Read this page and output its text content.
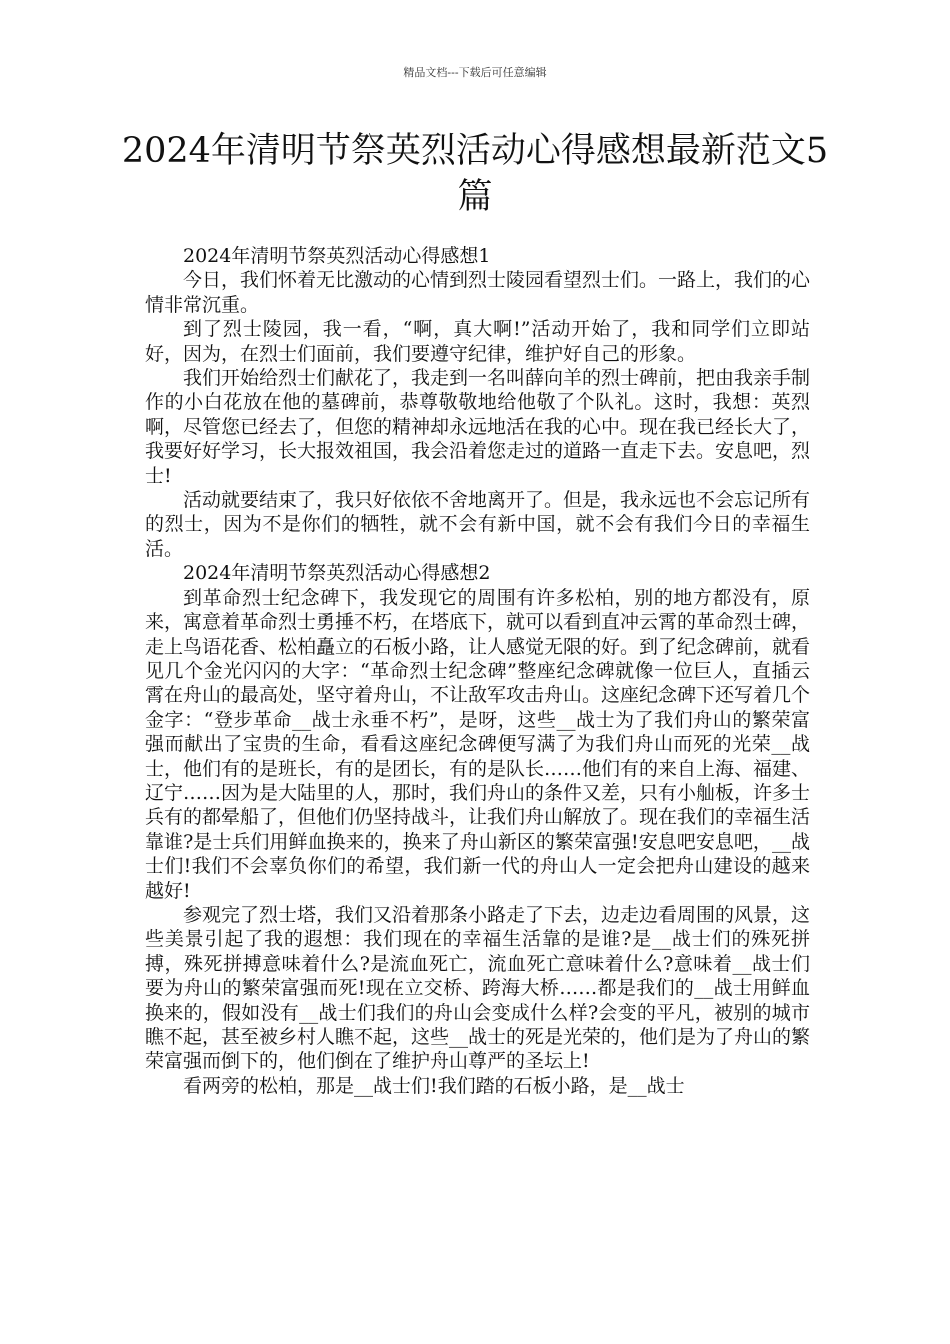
精品文档---下载后可任意编辑
2024年清明节祭英烈活动心得感想最新范文5篇

2024年清明节祭英烈活动心得感想1

今日，我们怀着无比激动的心情到烈士陵园看望烈士们。一路上，我们的心情非常沉重。

到了烈士陵园，我一看，“啊，真大啊!”活动开始了，我和同学们立即站好，因为，在烈士们面前，我们要遵守纪律，维护好自己的形象。

我们开始给烈士们献花了，我走到一名叫薛向羊的烈士碑前，把由我亲手制作的小白花放在他的墓碑前，恭尊敬敬地给他敬了个队礼。这时，我想：英烈啊，尽管您已经去了，但您的精神却永远地活在我的心中。现在我已经长大了，我要好好学习，长大报效祖国，我会沿着您走过的道路一直走下去。安息吧，烈士!

活动就要结束了，我只好依依不舍地离开了。但是，我永远也不会忘记所有的烈士，因为不是你们的牺牲，就不会有新中国，就不会有我们今日的幸福生活。

2024年清明节祭英烈活动心得感想2

到革命烈士纪念碑下，我发现它的周围有许多松柏，别的地方都没有，原来，寓意着革命烈士勇捶不朽，在塔底下，就可以看到直冲云霄的革命烈士碑，走上鸟语花香、松柏矗立的石板小路，让人感觉无限的好。到了纪念碑前，就看见几个金光闪闪的大字：“革命烈士纪念碑”整座纪念碑就像一位巨人，直插云霄在舟山的最高处，坚守着舟山，不让敌军攻击舟山。这座纪念碑下还写着几个金字：“登步革命__战士永垂不朽”，是呀，这些__战士为了我们舟山的繁荣富强而献出了宝贵的生命，看看这座纪念碑便写满了为我们舟山而死的光荣__战士，他们有的是班长，有的是团长，有的是队长……他们有的来自上海、福建、辽宁……因为是大陆里的人，那时，我们舟山的条件又差，只有小舢板，许多士兵有的都晕船了，但他们仍坚持战斗，让我们舟山解放了。现在我们的幸福生活靠谁?是士兵们用鲜血换来的，换来了舟山新区的繁荣富强!安息吧安息吧，__战士们!我们不会辜负你们的希望，我们新一代的舟山人一定会把舟山建设的越来越好!

参观完了烈士塔，我们又沿着那条小路走了下去，边走边看周围的风景，这些美景引起了我的遐想：我们现在的幸福生活靠的是谁?是__战士们的殊死拼搏，殊死拼搏意味着什么?是流血死亡，流血死亡意味着什么?意味着__战士们要为舟山的繁荣富强而死!现在立交桥、跨海大桥……都是我们的__战士用鲜血换来的，假如没有__战士们我们的舟山会变成什么样?会变的平凡，被别的城市瞧不起，甚至被乡村人瞧不起，这些__战士的死是光荣的，他们是为了舟山的繁荣富强而倒下的，他们倒在了维护舟山尊严的圣坛上!

看两旁的松柏，那是__战士们!我们踏的石板小路，是__战士
